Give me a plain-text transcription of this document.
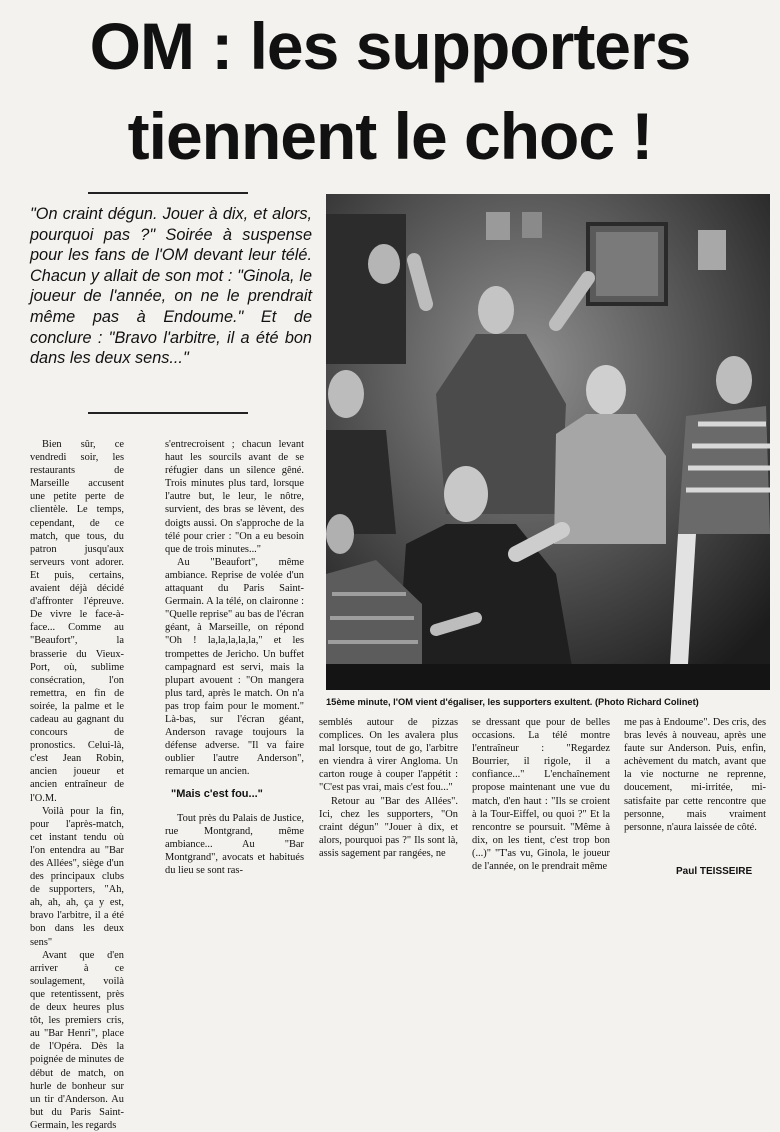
OM : les supporters
tiennent le choc !
"On craint dégun. Jouer à dix, et alors, pourquoi pas ?" Soirée à suspense pour les fans de l'OM devant leur télé. Chacun y allait de son mot : "Ginola, le joueur de l'année, on ne le prendrait même pas à Endoume." Et de conclure : "Bravo l'arbitre, il a été bon dans les deux sens..."
15ème minute, l'OM vient d'égaliser, les supporters exultent. (Photo Richard Colinet)

Bien sûr, ce vendredi soir, les restaurants de Marseille accusent une petite perte de clientèle. Le temps, cependant, de ce match, que tous, du patron jusqu'aux serveurs vont adorer. Et puis, certains, avaient déjà décidé d'affronter l'épreuve. De vivre le face-à-face... Comme au "Beaufort", la brasserie du Vieux-Port, où, sublime consécration, l'on remettra, en fin de soirée, la palme et le cadeau au gagnant du concours de pronostics. Celui-là, c'est Jean Robin, ancien joueur et ancien entraîneur de l'O.M.

Voilà pour la fin, pour l'après-match, cet instant tendu où l'on entendra au "Bar des Allées", siège d'un des principaux clubs de supporters, "Ah, ah, ah, ah, ça y est, bravo l'arbitre, il a été bon dans les deux sens"

Avant que d'en arriver à ce soulagement, voilà que retentissent, près de deux heures plus tôt, les premiers cris, au "Bar Henri", place de l'Opéra. Dès la poignée de minutes de début de match, on hurle de bonheur sur un tir d'Anderson. Au but du Paris Saint-Germain, les regards

s'entrecroisent ; chacun levant haut les sourcils avant de se réfugier dans un silence gêné. Trois minutes plus tard, lorsque l'autre but, le leur, le nôtre, survient, des bras se lèvent, des doigts aussi. On s'approche de la télé pour crier : "On a eu besoin que de trois minutes..."

Au "Beaufort", même ambiance. Reprise de volée d'un attaquant du Paris Saint-Germain. A la télé, on claironne : "Quelle reprise" au bas de l'écran géant, à Marseille, on répond "Oh ! la,la,la,la,la," et les trompettes de Jericho. Un buffet campagnard est servi, mais la plupart avouent : "On mangera plus tard, après le match. On n'a pas trop faim pour le moment." Là-bas, sur l'écran géant, Anderson ravage toujours la défense adverse. "Il va faire oublier l'autre Anderson", remarque un ancien.

"Mais c'est fou..."

Tout près du Palais de Justice, rue Montgrand, même ambiance... Au "Bar Montgrand", avocats et habitués du lieu se sont ras-

semblés autour de pizzas complices. On les avalera plus mal lorsque, tout de go, l'arbitre en viendra à virer Angloma. Un carton rouge à couper l'appétit : "C'est pas vrai, mais c'est fou..."

Retour au "Bar des Allées". Ici, chez les supporters, "On craint dégun" "Jouer à dix, et alors, pourquoi pas ?" Ils sont là, assis sagement par rangées, ne

se dressant que pour de belles occasions. La télé montre l'entraîneur : "Regardez Bourrier, il rigole, il a confiance..." L'enchaînement propose maintenant une vue du match, d'en haut : "Ils se croient à la Tour-Eiffel, ou quoi ?" Et la rencontre se poursuit. "Même à dix, on les tient, c'est trop bon (...)" "T'as vu, Ginola, le joueur de l'année, on le prendrait même

me pas à Endoume". Des cris, des bras levés à nouveau, après une faute sur Anderson. Puis, enfin, achèvement du match, avant que la vie nocturne ne reprenne, doucement, mi-irritée, mi-satisfaite par cette rencontre que personne, mais vraiment personne, n'aura laissée de côté.

Paul TEISSEIRE
